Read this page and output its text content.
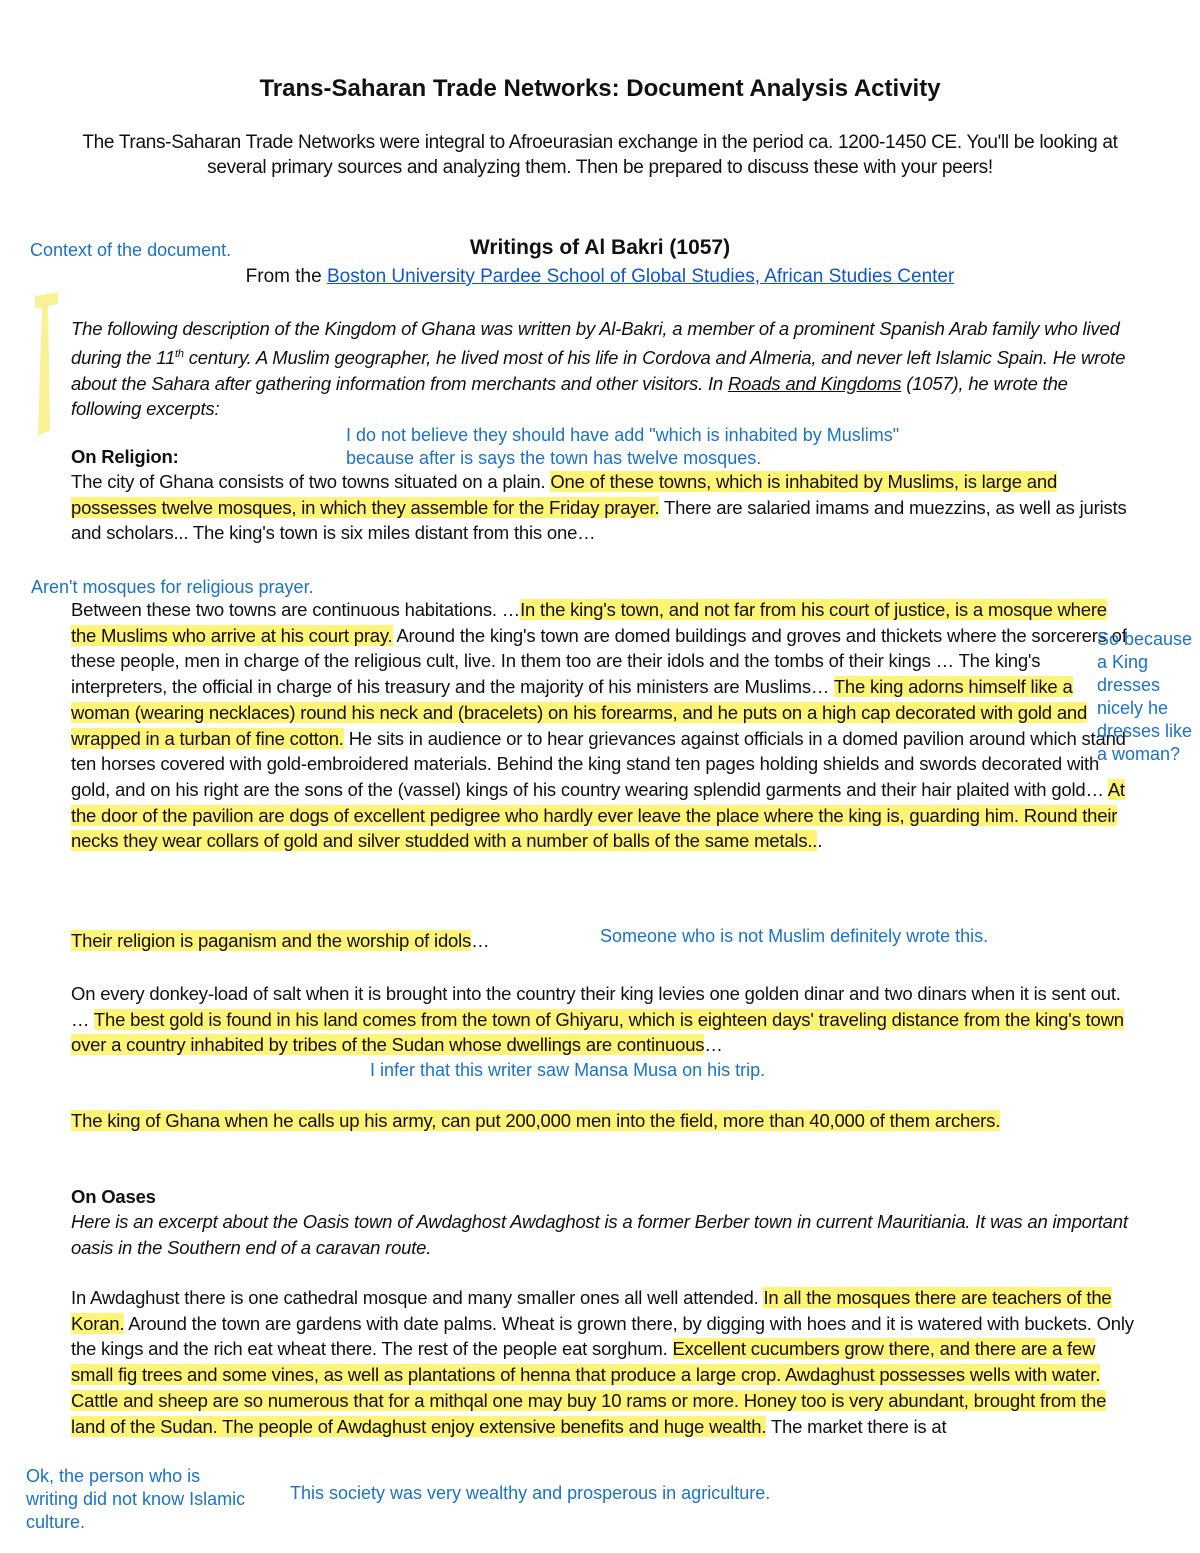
Trans-Saharan Trade Networks: Document Analysis Activity
The Trans-Saharan Trade Networks were integral to Afroeurasian exchange in the period ca. 1200-1450 CE. You'll be looking at several primary sources and analyzing them. Then be prepared to discuss these with your peers!
Writings of Al Bakri (1057)
From the Boston University Pardee School of Global Studies, African Studies Center
The following description of the Kingdom of Ghana was written by Al-Bakri, a member of a prominent Spanish Arab family who lived during the 11th century. A Muslim geographer, he lived most of his life in Cordova and Almeria, and never left Islamic Spain. He wrote about the Sahara after gathering information from merchants and other visitors. In Roads and Kingdoms (1057), he wrote the following excerpts:
On Religion:
The city of Ghana consists of two towns situated on a plain. One of these towns, which is inhabited by Muslims, is large and possesses twelve mosques, in which they assemble for the Friday prayer. There are salaried imams and muezzins, as well as jurists and scholars... The king's town is six miles distant from this one…
Between these two towns are continuous habitations. …In the king's town, and not far from his court of justice, is a mosque where the Muslims who arrive at his court pray. Around the king's town are domed buildings and groves and thickets where the sorcerers of these people, men in charge of the religious cult, live. In them too are their idols and the tombs of their kings … The king's interpreters, the official in charge of his treasury and the majority of his ministers are Muslims… The king adorns himself like a woman (wearing necklaces) round his neck and (bracelets) on his forearms, and he puts on a high cap decorated with gold and wrapped in a turban of fine cotton. He sits in audience or to hear grievances against officials in a domed pavilion around which stand ten horses covered with gold-embroidered materials. Behind the king stand ten pages holding shields and swords decorated with gold, and on his right are the sons of the (vassel) kings of his country wearing splendid garments and their hair plaited with gold… At the door of the pavilion are dogs of excellent pedigree who hardly ever leave the place where the king is, guarding him. Round their necks they wear collars of gold and silver studded with a number of balls of the same metals...
Their religion is paganism and the worship of idols…
On every donkey-load of salt when it is brought into the country their king levies one golden dinar and two dinars when it is sent out. … The best gold is found in his land comes from the town of Ghiyaru, which is eighteen days' traveling distance from the king's town over a country inhabited by tribes of the Sudan whose dwellings are continuous…
The king of Ghana when he calls up his army, can put 200,000 men into the field, more than 40,000 of them archers.
On Oases
Here is an excerpt about the Oasis town of Awdaghost Awdaghost is a former Berber town in current Mauritiania. It was an important oasis in the Southern end of a caravan route.
In Awdaghust there is one cathedral mosque and many smaller ones all well attended. In all the mosques there are teachers of the Koran. Around the town are gardens with date palms. Wheat is grown there, by digging with hoes and it is watered with buckets. Only the kings and the rich eat wheat there. The rest of the people eat sorghum. Excellent cucumbers grow there, and there are a few small fig trees and some vines, as well as plantations of henna that produce a large crop. Awdaghust possesses wells with water. Cattle and sheep are so numerous that for a mithqal one may buy 10 rams or more. Honey too is very abundant, brought from the land of the Sudan. The people of Awdaghust enjoy extensive benefits and huge wealth. The market there is at
Context of the document.
I do not believe they should have add "which is inhabited by Muslims" because after is says the town has twelve mosques.
Aren't mosques for religious prayer.
So because a King dresses nicely he dresses like a woman?
Someone who is not Muslim definitely wrote this.
I infer that this writer saw Mansa Musa on his trip.
Ok, the person who is writing did not know Islamic culture.
This society was very wealthy and prosperous in agriculture.
